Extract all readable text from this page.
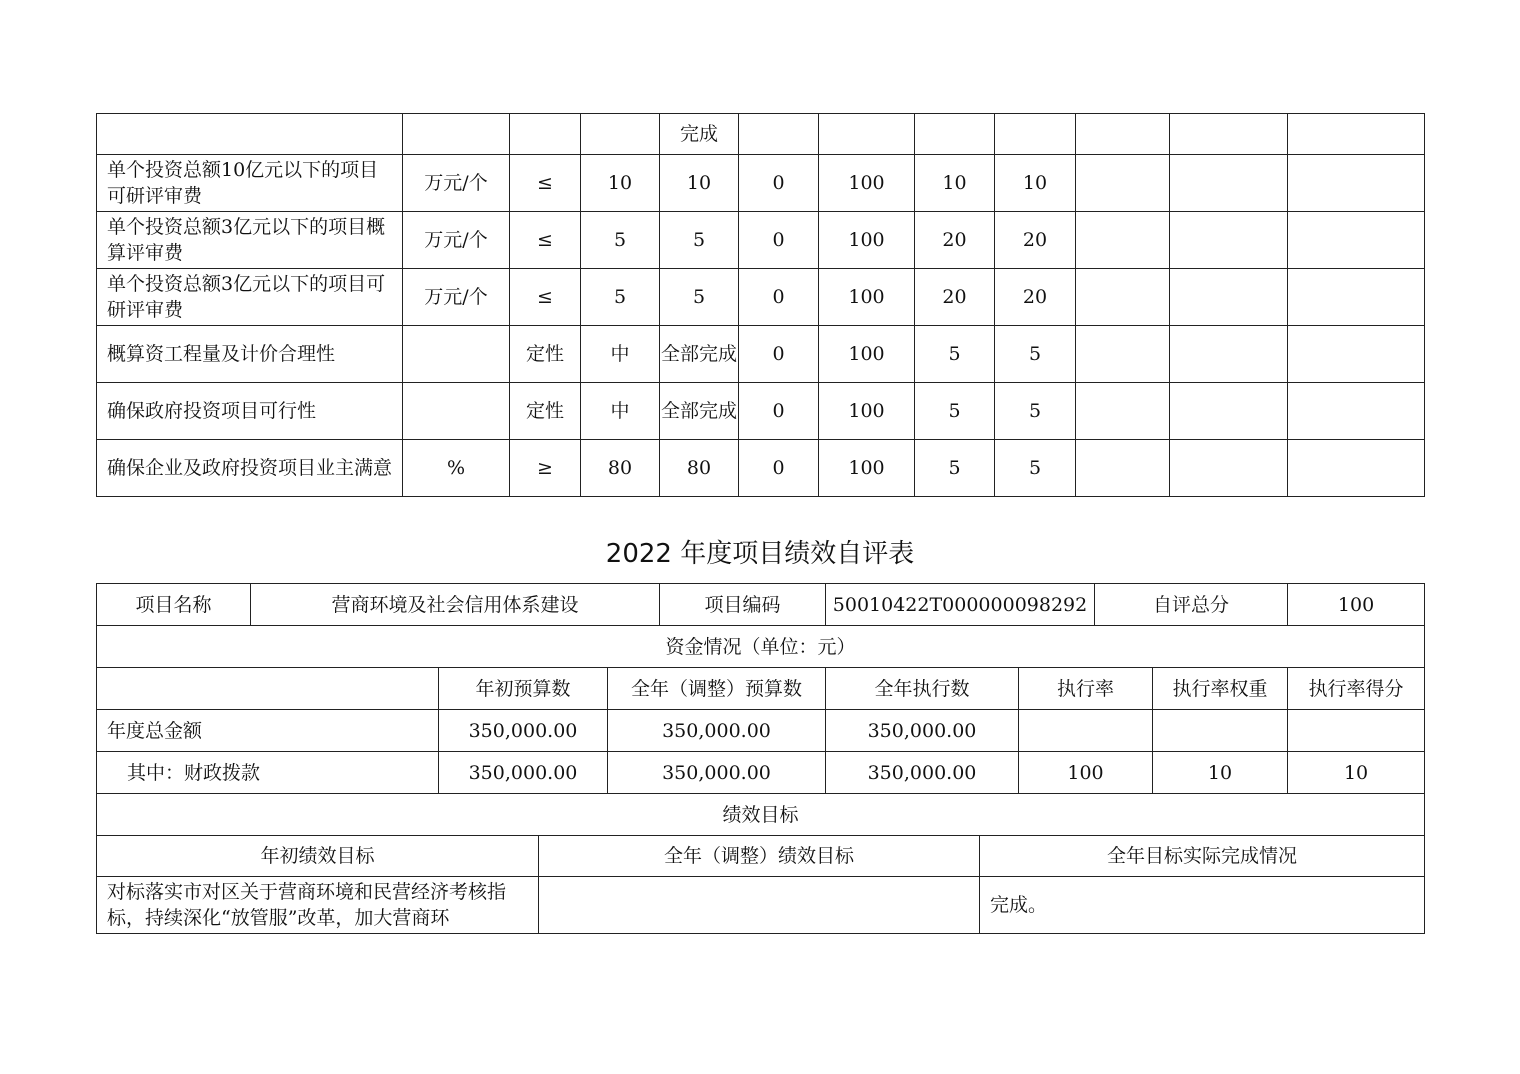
				完成							
单个投资总额10亿元以下的项目可研评审费	万元/个	≤	10	10	0	100	10	10			
单个投资总额3亿元以下的项目概算评审费	万元/个	≤	5	5	0	100	20	20			
单个投资总额3亿元以下的项目可研评审费	万元/个	≤	5	5	0	100	20	20			
概算资工程量及计价合理性		定性	中	全部完成	0	100	5	5			
确保政府投资项目可行性		定性	中	全部完成	0	100	5	5			
确保企业及政府投资项目业主满意	%	≥	80	80	0	100	5	5			
2022 年度项目绩效自评表
项目名称	营商环境及社会信用体系建设			项目编码	50010422T000000098292		自评总分		100
资金情况（单位：元）									
		年初预算数	全年（调整）预算数		全年执行数	执行率		执行率权重	执行率得分
年度总金额		350,000.00	350,000.00		350,000.00				
其中：财政拨款		350,000.00	350,000.00		350,000.00	100		10	10
绩效目标									
年初绩效目标	全年（调整）绩效目标	全年目标实际完成情况
对标落实市对区关于营商环境和民营经济考核指标，持续深化“放管服”改革，加大营商环		完成。
